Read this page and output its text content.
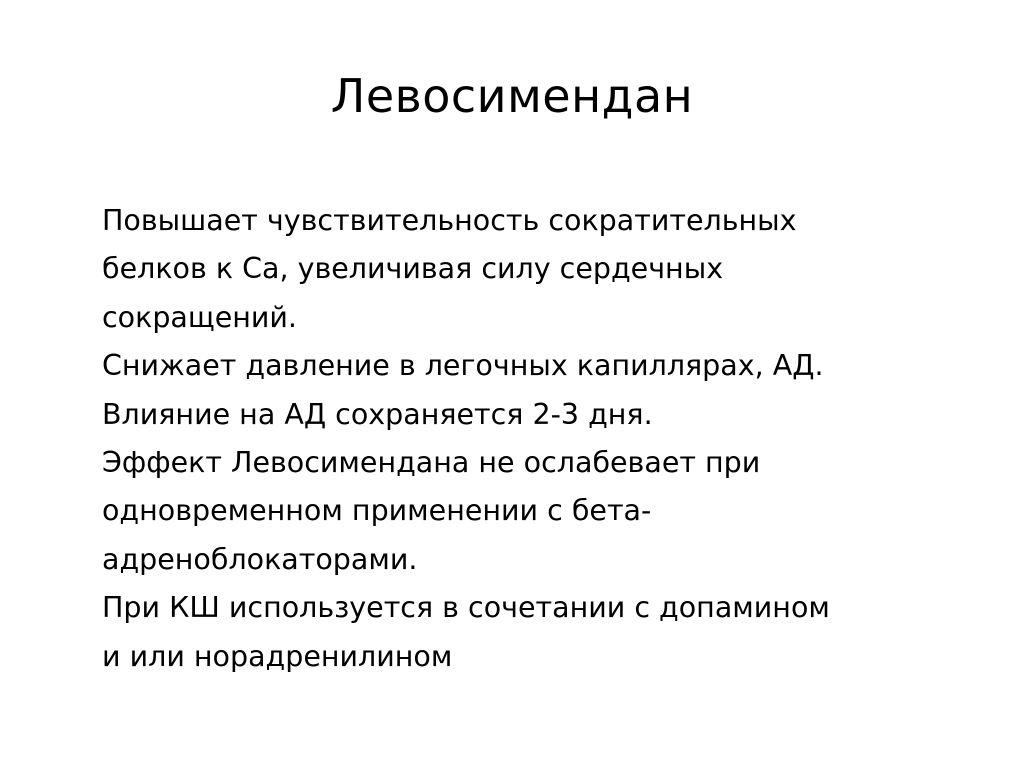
Левосимендан
Повышает чувствительность сократительных
белков к Са, увеличивая силу сердечных
сокращений.
Снижает давление в легочных капиллярах, АД.
Влияние на АД сохраняется 2-3 дня.
Эффект Левосимендана не ослабевает при
одновременном применении с бета-
адреноблокаторами.
При КШ используется в сочетании с допамином
и или норадренилином
